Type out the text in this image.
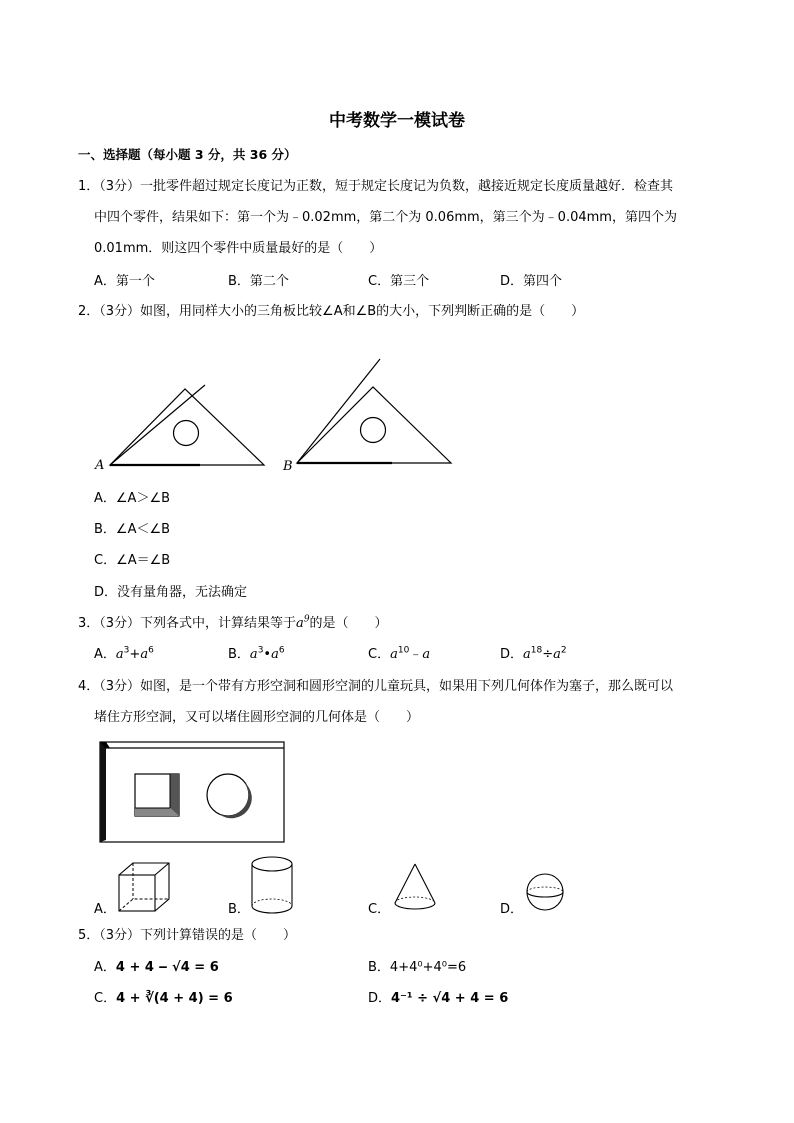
中考数学一模试卷
一、选择题（每小题 3 分，共 36 分）
1．（3分）一批零件超过规定长度记为正数，短于规定长度记为负数，越接近规定长度质量越好．检查其
中四个零件，结果如下：第一个为﹣0.02mm，第二个为 0.06mm，第三个为﹣0.04mm，第四个为
0.01mm．则这四个零件中质量最好的是（　　）
A．第一个	B．第二个	C．第三个	D．第四个
2．（3分）如图，用同样大小的三角板比较∠A和∠B的大小，下列判断正确的是（　　）
A	B
A．∠A＞∠B
B．∠A＜∠B
C．∠A＝∠B
D．没有量角器，无法确定
3．（3分）下列各式中，计算结果等于$a^9$的是（　　）
A．$a^3+a^6$	B．$a^3•a^6$	C．$a^{10}﹣a$	D．$a^{18}\div a^2$
4．（3分）如图，是一个带有方形空洞和圆形空洞的儿童玩具，如果用下列几何体作为塞子，那么既可以
堵住方形空洞，又可以堵住圆形空洞的几何体是（　　）
A．	B．	C．	D．
5．（3分）下列计算错误的是（　　）
A．4 + 4 ‒ √4 = 6	B．4+4⁰+4⁰=6
C．4 + ∛(4 + 4) = 6	D．4⁻¹ ÷ √4 + 4 = 6
